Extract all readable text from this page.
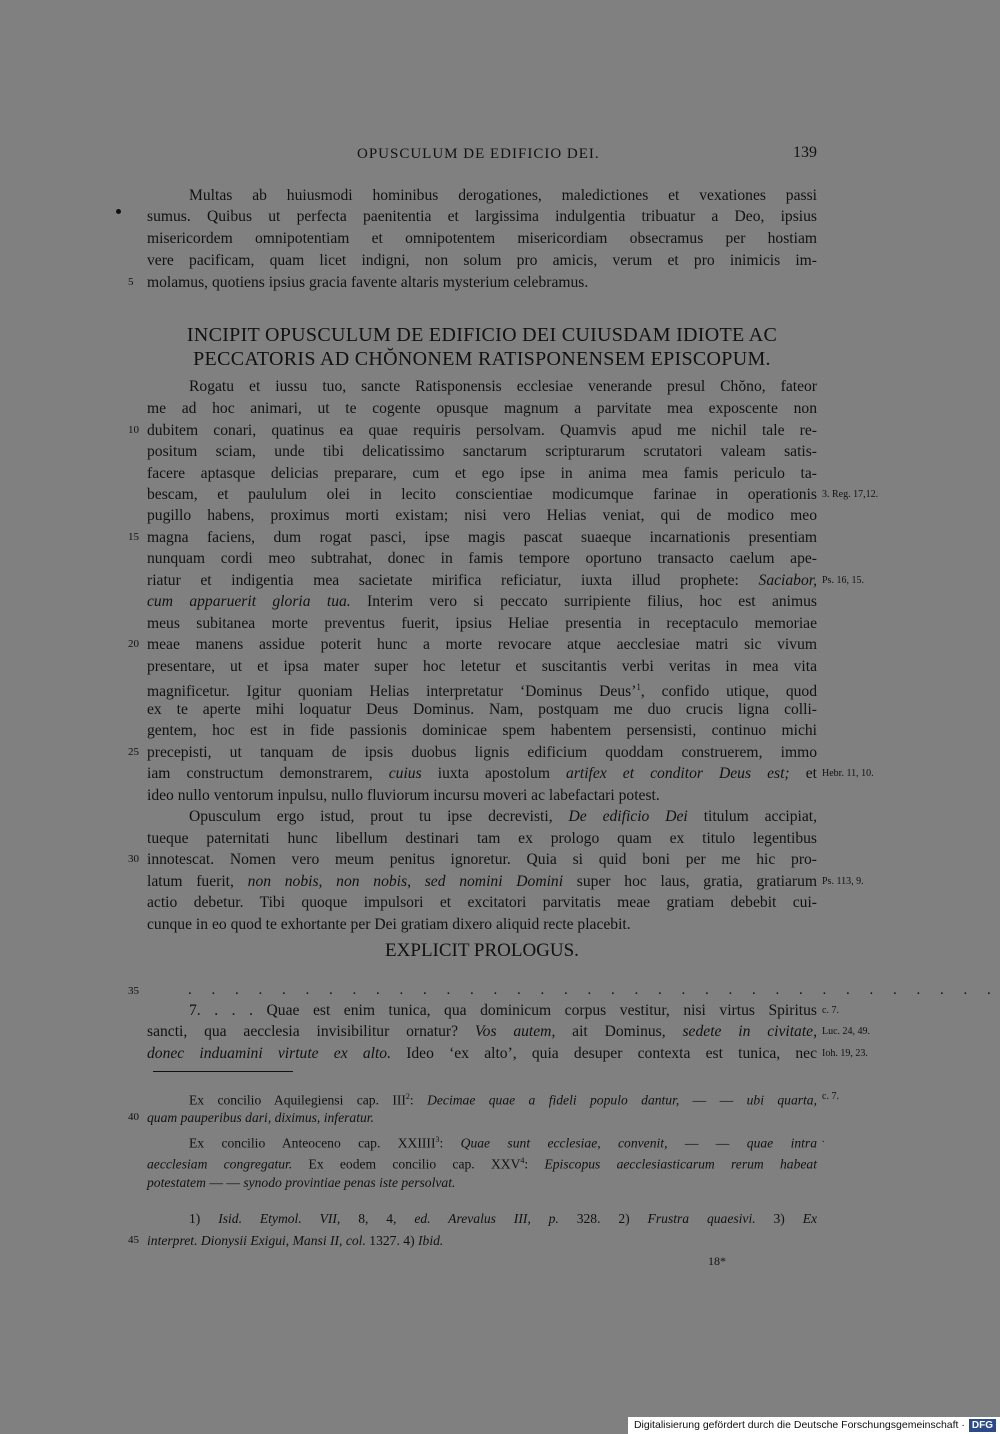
OPUSCULUM DE EDIFICIO DEI.	139
Multas ab huiusmodi hominibus derogationes, maledictiones et vexationes passi
sumus. Quibus ut perfecta paenitentia et largissima indulgentia tribuatur a Deo, ipsius
misericordem omnipotentiam et omnipotentem misericordiam obsecramus per hostiam
vere pacificam, quam licet indigni, non solum pro amicis, verum et pro inimicis im-
molamus, quotiens ipsius gracia favente altaris mysterium celebramus.
INCIPIT OPUSCULUM DE EDIFICIO DEI CUIUSDAM IDIOTE AC
PECCATORIS AD CHŎNONEM RATISPONENSEM EPISCOPUM.
Rogatu et iussu tuo, sancte Ratisponensis ecclesiae venerande presul Chŏno, fateor
me ad hoc animari, ut te cogente opusque magnum a parvitate mea exposcente non
dubitem conari, quatinus ea quae requiris persolvam. Quamvis apud me nichil tale re-
positum sciam, unde tibi delicatissimo sanctarum scripturarum scrutatori valeam satis-
facere aptasque delicias preparare, cum et ego ipse in anima mea famis periculo ta-
bescam, et paululum olei in lecito conscientiae modicumque farinae in operationis
pugillo habens, proximus morti existam; nisi vero Helias veniat, qui de modico meo
magna faciens, dum rogat pasci, ipse magis pascat suaeque incarnationis presentiam
nunquam cordi meo subtrahat, donec in famis tempore oportuno transacto caelum ape-
riatur et indigentia mea sacietate mirifica reficiatur, iuxta illud prophete: Saciabor,
cum apparuerit gloria tua. Interim vero si peccato surripiente filius, hoc est animus
meus subitanea morte preventus fuerit, ipsius Heliae presentia in receptaculo memoriae
meae manens assidue poterit hunc a morte revocare atque aecclesiae matri sic vivum
presentare, ut et ipsa mater super hoc letetur et suscitantis verbi veritas in mea vita
magnificetur. Igitur quoniam Helias interpretatur ‘Dominus Deus’$^1$, confido utique, quod
ex te aperte mihi loquatur Deus Dominus. Nam, postquam me duo crucis ligna colli-
gentem, hoc est in fide passionis dominicae spem habentem persensisti, continuo michi
precepisti, ut tanquam de ipsis duobus lignis edificium quoddam construerem, immo
iam constructum demonstrarem, cuius iuxta apostolum artifex et conditor Deus est; et
ideo nullo ventorum inpulsu, nullo fluviorum incursu moveri ac labefactari potest.
Opusculum ergo istud, prout tu ipse decrevisti, De edificio Dei titulum accipiat,
tueque paternitati hunc libellum destinari tam ex prologo quam ex titulo legentibus
innotescat. Nomen vero meum penitus ignoretur. Quia si quid boni per me hic pro-
latum fuerit, non nobis, non nobis, sed nomini Domini super hoc laus, gratia, gratiarum
actio debetur. Tibi quoque impulsori et excitatori parvitatis meae gratiam debebit cui-
cunque in eo quod te exhortante per Dei gratiam dixero aliquid recte placebit.
EXPLICIT PROLOGUS.
. . . . . . . . . . . . . . . . . . . . . . . . . . . . . . . . . . .
7. . . . Quae est enim tunica, qua dominicum corpus vestitur, nisi virtus Spiritus
sancti, qua aecclesia invisibilitur ornatur? Vos autem, ait Dominus, sedete in civitate,
donec induamini virtute ex alto. Ideo ‘ex alto’, quia desuper contexta est tunica, nec
Ex concilio Aquilegiensi cap. III$^2$: Decimae quae a fideli populo dantur, — — ubi quarta,
quam pauperibus dari, diximus, inferatur.
Ex concilio Anteoceno cap. XXIIII$^3$: Quae sunt ecclesiae, convenit, — — quae intra
aecclesiam congregatur. Ex eodem concilio cap. XXV$^4$: Episcopus aecclesiasticarum rerum habeat
potestatem — — synodo provintiae penas iste persolvat.
1) Isid. Etymol. VII, 8, 4, ed. Arevalus III, p. 328. 2) Frustra quaesivi. 3) Ex
interpret. Dionysii Exigui, Mansi II, col. 1327. 4) Ibid.
5
10
15
20
25
30
35
40
45
3. Reg. 17,12.
Ps. 16, 15.
Hebr. 11, 10.
Ps. 113, 9.
c. 7.
Luc. 24, 49.
Ioh. 19, 23.
c. 7.
.
18*
Digitalisierung gefördert durch die Deutsche Forschungsgemeinschaft · DFG
